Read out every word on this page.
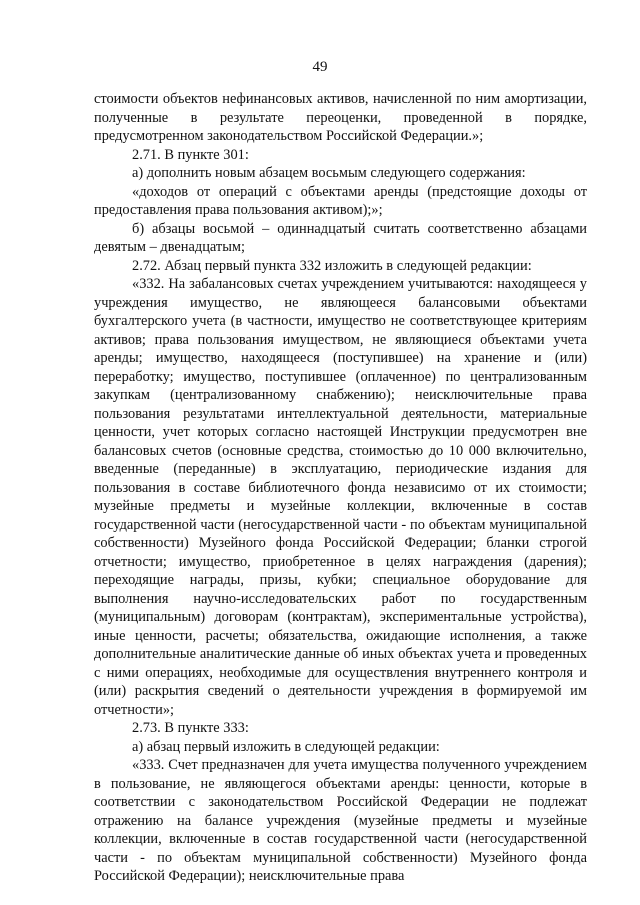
49

стоимости объектов нефинансовых активов, начисленной по ним амортизации, полученные в результате переоценки, проведенной в порядке, предусмотренном законодательством Российской Федерации.»;

2.71. В пункте 301:

а) дополнить новым абзацем восьмым следующего содержания:

«доходов от операций с объектами аренды (предстоящие доходы от предоставления права пользования активом);»;

б) абзацы восьмой – одиннадцатый считать соответственно абзацами девятым – двенадцатым;

2.72. Абзац первый пункта 332 изложить в следующей редакции:

«332. На забалансовых счетах учреждением учитываются: находящееся у учреждения имущество, не являющееся балансовыми объектами бухгалтерского учета (в частности, имущество не соответствующее критериям активов; права пользования имуществом, не являющиеся объектами учета аренды; имущество, находящееся (поступившее) на хранение и (или) переработку; имущество, поступившее (оплаченное) по централизованным закупкам (централизованному снабжению); неисключительные права пользования результатами интеллектуальной деятельности, материальные ценности, учет которых согласно настоящей Инструкции предусмотрен вне балансовых счетов (основные средства, стоимостью до 10 000 включительно, введенные (переданные) в эксплуатацию, периодические издания для пользования в составе библиотечного фонда независимо от их стоимости; музейные предметы и музейные коллекции, включенные в состав государственной части (негосударственной части - по объектам муниципальной собственности) Музейного фонда Российской Федерации; бланки строгой отчетности; имущество, приобретенное в целях награждения (дарения); переходящие награды, призы, кубки; специальное оборудование для выполнения научно-исследовательских работ по государственным (муниципальным) договорам (контрактам), экспериментальные устройства), иные ценности, расчеты; обязательства, ожидающие исполнения, а также дополнительные аналитические данные об иных объектах учета и проведенных с ними операциях, необходимые для осуществления внутреннего контроля и (или) раскрытия сведений о деятельности учреждения в формируемой им отчетности»;

2.73. В пункте 333:

а) абзац первый изложить в следующей редакции:

«333. Счет предназначен для учета имущества полученного учреждением в пользование, не являющегося объектами аренды: ценности, которые в соответствии с законодательством Российской Федерации не подлежат отражению на балансе учреждения (музейные предметы и музейные коллекции, включенные в состав государственной части (негосударственной части - по объектам муниципальной собственности) Музейного фонда Российской Федерации); неисключительные права
